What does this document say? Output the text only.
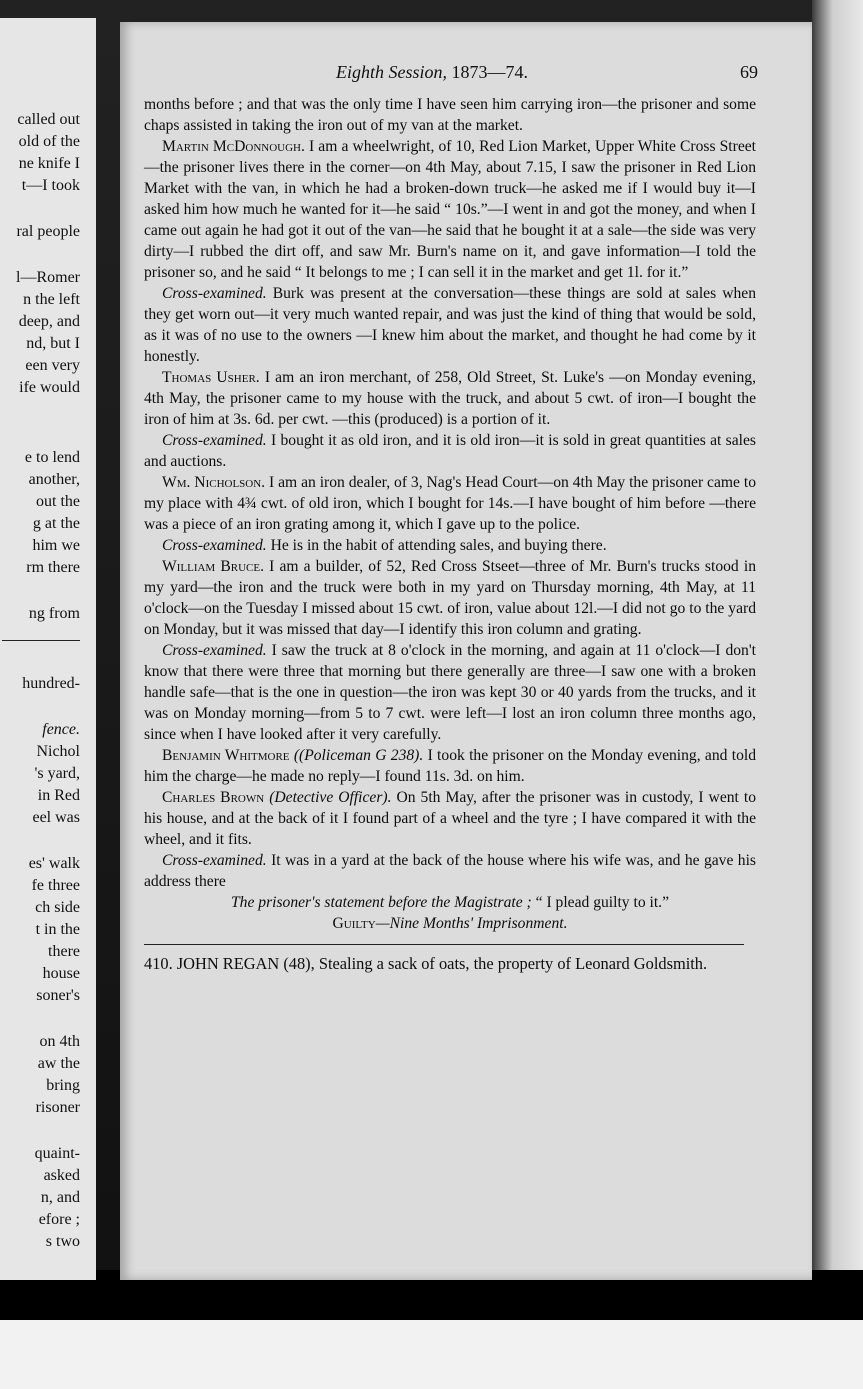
called out
old of the
ne knife I
t—I took
ral people
l—Romer
n the left
deep, and
nd, but I
een very
ife would
e to lend
another,
out the
g at the
him we
rm there
ng from
hundred-
fence.
Nichol
's yard,
in Red
eel was
es' walk
fe three
ch side
t in the
there
house
soner's
on 4th
aw the
bring
risoner
quaint-
asked
n, and
efore ;
s two
Eighth Session, 1873—74.	69

months before ; and that was the only time I have seen him carrying iron—the prisoner and some chaps assisted in taking the iron out of my van at the market.

Martin McDonnough. I am a wheelwright, of 10, Red Lion Market, Upper White Cross Street—the prisoner lives there in the corner—on 4th May, about 7.15, I saw the prisoner in Red Lion Market with the van, in which he had a broken-down truck—he asked me if I would buy it—I asked him how much he wanted for it—he said “ 10s.”—I went in and got the money, and when I came out again he had got it out of the van—he said that he bought it at a sale—the side was very dirty—I rubbed the dirt off, and saw Mr. Burn's name on it, and gave information—I told the prisoner so, and he said “ It belongs to me ; I can sell it in the market and get 1l. for it.”

Cross-examined. Burk was present at the conversation—these things are sold at sales when they get worn out—it very much wanted repair, and was just the kind of thing that would be sold, as it was of no use to the owners —I knew him about the market, and thought he had come by it honestly.

Thomas Usher. I am an iron merchant, of 258, Old Street, St. Luke's —on Monday evening, 4th May, the prisoner came to my house with the truck, and about 5 cwt. of iron—I bought the iron of him at 3s. 6d. per cwt. —this (produced) is a portion of it.

Cross-examined. I bought it as old iron, and it is old iron—it is sold in great quantities at sales and auctions.

Wm. Nicholson. I am an iron dealer, of 3, Nag's Head Court—on 4th May the prisoner came to my place with 4¾ cwt. of old iron, which I bought for 14s.—I have bought of him before —there was a piece of an iron grating among it, which I gave up to the police.

Cross-examined. He is in the habit of attending sales, and buying there.

William Bruce. I am a builder, of 52, Red Cross Stseet—three of Mr. Burn's trucks stood in my yard—the iron and the truck were both in my yard on Thursday morning, 4th May, at 11 o'clock—on the Tuesday I missed about 15 cwt. of iron, value about 12l.—I did not go to the yard on Monday, but it was missed that day—I identify this iron column and grating.

Cross-examined. I saw the truck at 8 o'clock in the morning, and again at 11 o'clock—I don't know that there were three that morning but there generally are three—I saw one with a broken handle safe—that is the one in question—the iron was kept 30 or 40 yards from the trucks, and it was on Monday morning—from 5 to 7 cwt. were left—I lost an iron column three months ago, since when I have looked after it very carefully.

Benjamin Whitmore ((Policeman G 238). I took the prisoner on the Monday evening, and told him the charge—he made no reply—I found 11s. 3d. on him.

Charles Brown (Detective Officer). On 5th May, after the prisoner was in custody, I went to his house, and at the back of it I found part of a wheel and the tyre ; I have compared it with the wheel, and it fits.

Cross-examined. It was in a yard at the back of the house where his wife was, and he gave his address there

The prisoner's statement before the Magistrate ; “ I plead guilty to it.”

Guilty—Nine Months' Imprisonment.

410. JOHN REGAN (48), Stealing a sack of oats, the property of Leonard Goldsmith.
